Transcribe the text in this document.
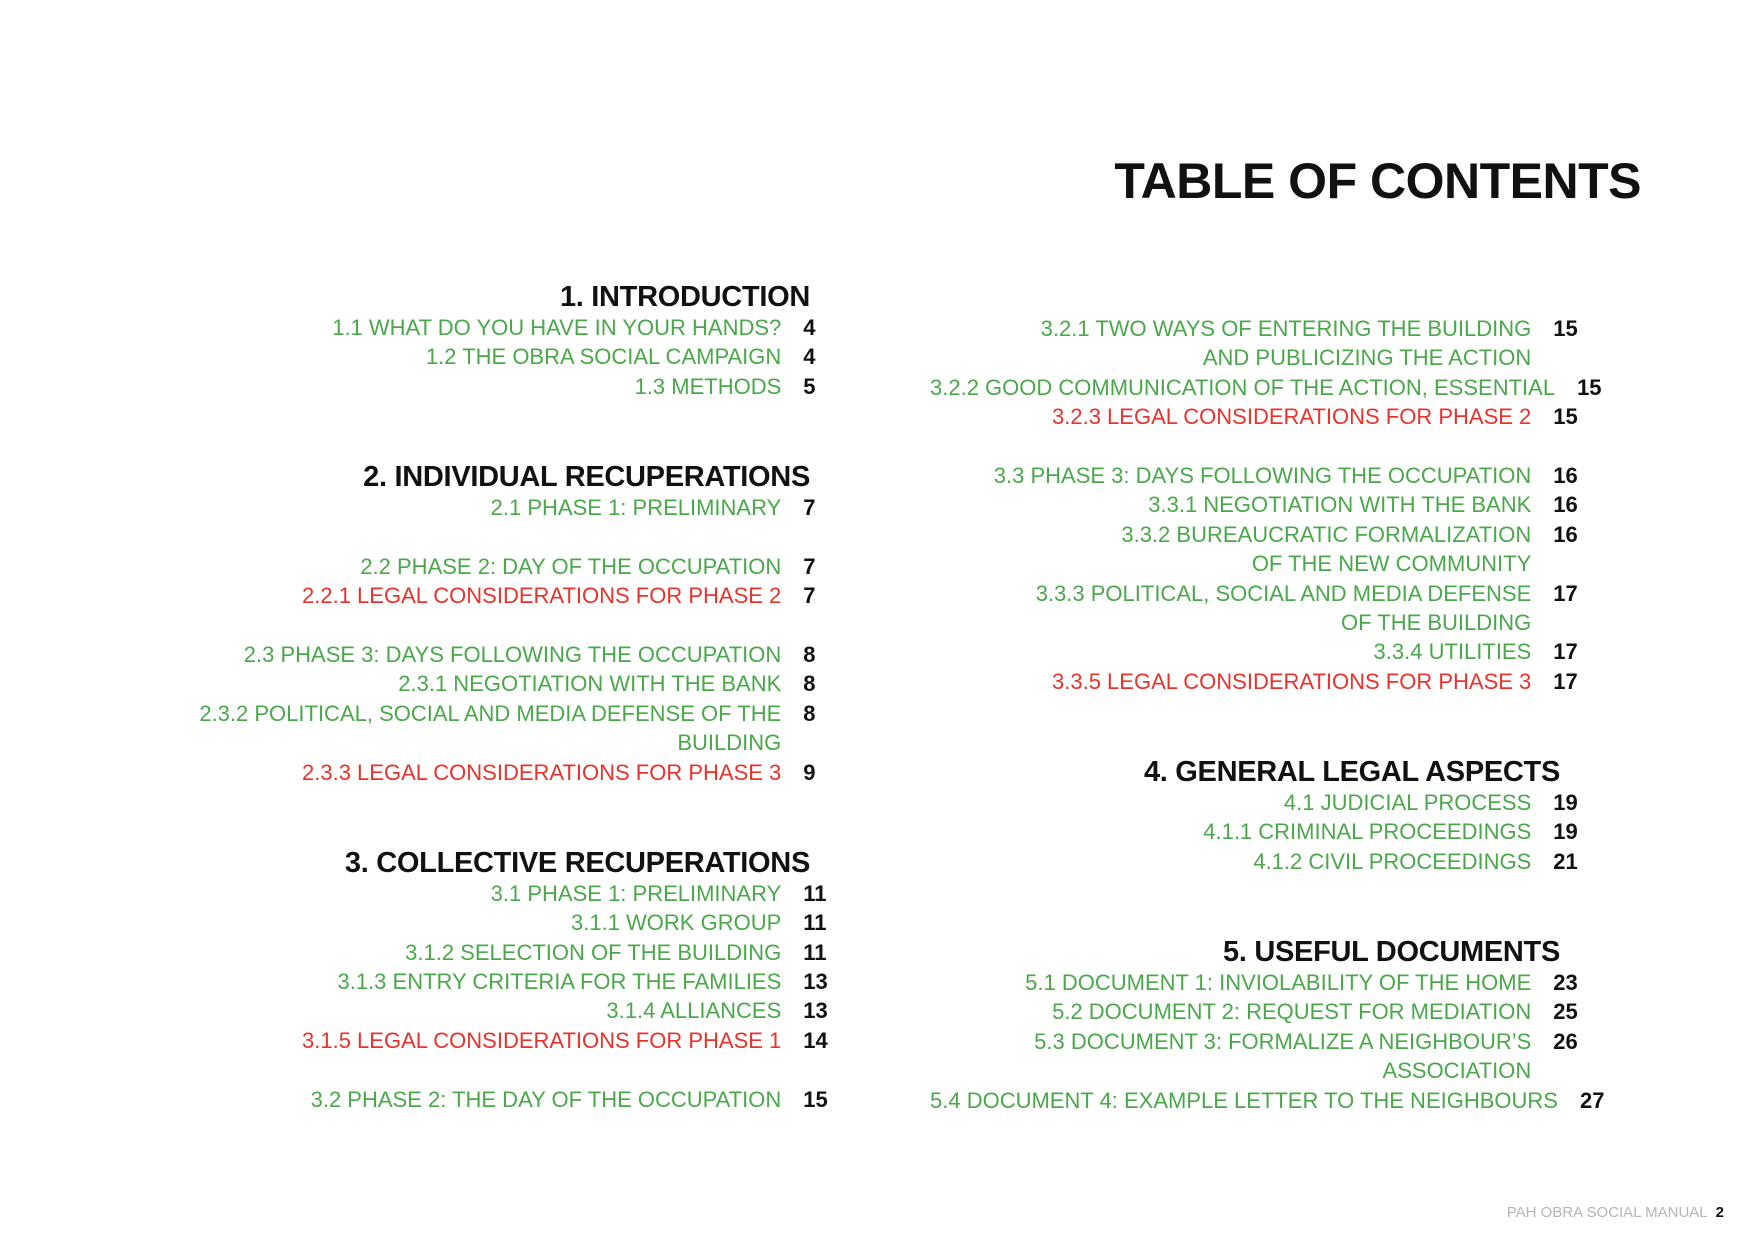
TABLE OF CONTENTS
1. INTRODUCTION
1.1 WHAT DO YOU HAVE IN YOUR HANDS?	4
1.2 THE OBRA SOCIAL CAMPAIGN	4
1.3 METHODS	5
2. INDIVIDUAL RECUPERATIONS
2.1 PHASE 1: PRELIMINARY	7
2.2 PHASE 2: DAY OF THE OCCUPATION	7
2.2.1 LEGAL CONSIDERATIONS FOR PHASE 2	7
2.3 PHASE 3: DAYS FOLLOWING THE OCCUPATION	8
2.3.1 NEGOTIATION WITH THE BANK	8
2.3.2 POLITICAL, SOCIAL AND MEDIA DEFENSE OF THE	8
BUILDING
2.3.3 LEGAL CONSIDERATIONS FOR PHASE 3	9
3. COLLECTIVE RECUPERATIONS
3.1 PHASE 1: PRELIMINARY	11
3.1.1 WORK GROUP	11
3.1.2 SELECTION OF THE BUILDING	11
3.1.3 ENTRY CRITERIA FOR THE FAMILIES	13
3.1.4 ALLIANCES	13
3.1.5 LEGAL CONSIDERATIONS FOR PHASE 1	14
3.2 PHASE 2: THE DAY OF THE OCCUPATION	15
3.2.1 TWO WAYS OF ENTERING THE BUILDING	15
AND PUBLICIZING THE ACTION
3.2.2 GOOD COMMUNICATION OF THE ACTION, ESSENTIAL	15
3.2.3 LEGAL CONSIDERATIONS FOR PHASE 2	15
3.3 PHASE 3: DAYS FOLLOWING THE OCCUPATION	16
3.3.1 NEGOTIATION WITH THE BANK	16
3.3.2 BUREAUCRATIC FORMALIZATION	16
OF THE NEW COMMUNITY
3.3.3 POLITICAL, SOCIAL AND MEDIA DEFENSE	17
OF THE BUILDING
3.3.4 UTILITIES	17
3.3.5 LEGAL CONSIDERATIONS FOR PHASE 3	17
4. GENERAL LEGAL ASPECTS
4.1 JUDICIAL PROCESS	19
4.1.1 CRIMINAL PROCEEDINGS	19
4.1.2 CIVIL PROCEEDINGS	21
5. USEFUL DOCUMENTS
5.1 DOCUMENT 1: INVIOLABILITY OF THE HOME	23
5.2 DOCUMENT 2: REQUEST FOR MEDIATION	25
5.3 DOCUMENT 3: FORMALIZE A NEIGHBOUR’S	26
ASSOCIATION
5.4 DOCUMENT 4: EXAMPLE LETTER TO THE NEIGHBOURS	27
PAH OBRA SOCIAL MANUAL 2
